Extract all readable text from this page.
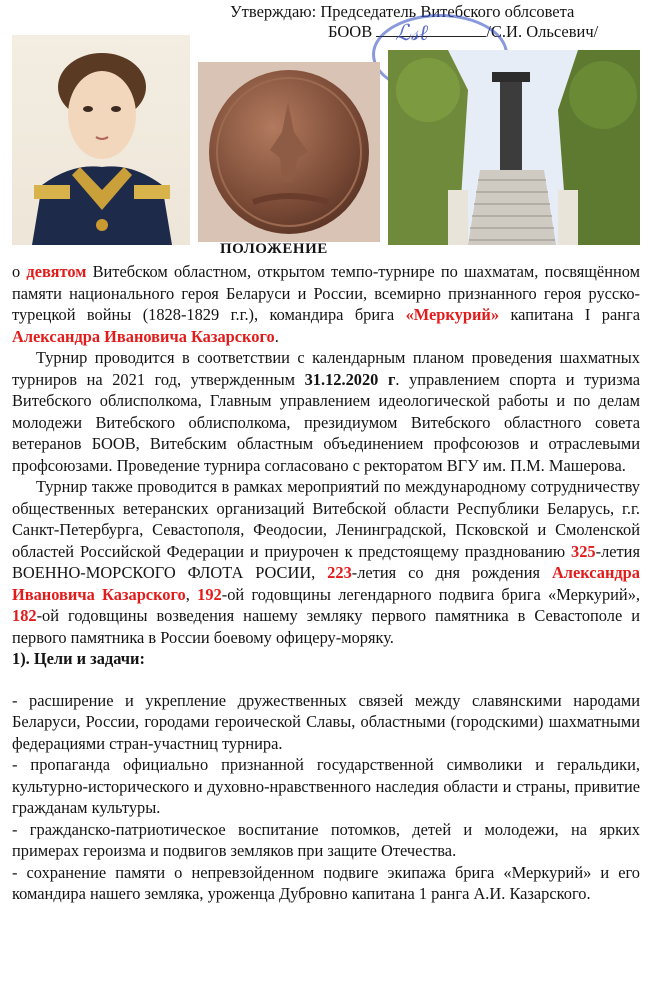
Утверждаю: Председатель Витебского облсовета
БООВ	/С.И. Ольсевич/
ℒ𝓈ℓ
ПОЛОЖЕНИЕ

о девятом Витебском областном, открытом темпо-турнире по шахматам, посвящённом памяти национального героя Беларуси и России, всемирно признанного героя русско-турецкой войны (1828-1829 г.г.), командира брига «Меркурий» капитана I ранга Александра Ивановича Казарского.

Турнир проводится в соответствии с календарным планом проведения шахматных турниров на 2021 год, утвержденным 31.12.2020 г. управлением спорта и туризма Витебского облисполкома, Главным управлением идеологической работы и по делам молодежи Витебского облисполкома, президиумом Витебского областного совета ветеранов БООВ, Витебским областным объединением профсоюзов и отраслевыми профсоюзами. Проведение турнира согласовано с ректоратом ВГУ им. П.М. Машерова.

Турнир также проводится в рамках мероприятий по международному сотрудничеству общественных ветеранских организаций Витебской области Республики Беларусь, г.г. Санкт-Петербурга, Севастополя, Феодосии, Ленинградской, Псковской и Смоленской областей Российской Федерации и приурочен к предстоящему празднованию 325-летия ВОЕННО-МОРСКОГО ФЛОТА РОСИИ, 223-летия со дня рождения Александра Ивановича Казарского, 192-ой годовщины легендарного подвига брига «Меркурий», 182-ой годовщины возведения нашему земляку первого памятника в Севастополе и первого памятника в России боевому офицеру-моряку.

1). Цели и задачи:

- расширение и укрепление дружественных связей между славянскими народами Беларуси, России, городами героической Славы, областными (городскими) шахматными федерациями стран-участниц турнира.

- пропаганда официально признанной государственной символики и геральдики, культурно-исторического и духовно-нравственного наследия области и страны, привитие гражданам культуры.

- гражданско-патриотическое воспитание потомков, детей и молодежи, на ярких примерах героизма и подвигов земляков при защите Отечества.

- сохранение памяти о непревзойденном подвиге экипажа брига «Меркурий» и его командира нашего земляка, уроженца Дубровно капитана 1 ранга А.И. Казарского.
